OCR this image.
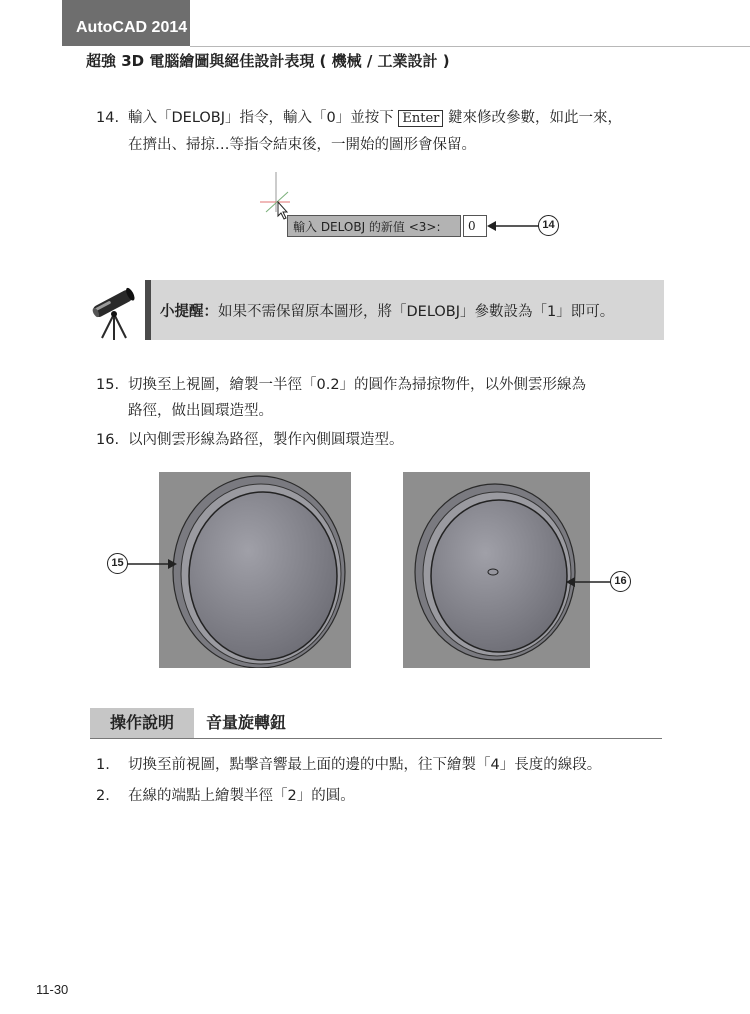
AutoCAD 2014
超強 3D 電腦繪圖與絕佳設計表現 ( 機械 / 工業設計 )
14. 輸入「DELOBJ」指令，輸入「0」並按下 Enter 鍵來修改參數，如此一來，
在擠出、掃掠…等指令結束後，一開始的圖形會保留。
輸入 DELOBJ 的新值 <3>:	0	14
小提醒：如果不需保留原本圖形，將「DELOBJ」參數設為「1」即可。
15. 切換至上視圖，繪製一半徑「0.2」的圓作為掃掠物件，以外側雲形線為
路徑，做出圓環造型。
16. 以內側雲形線為路徑，製作內側圓環造型。
15
16
操作說明	音量旋轉鈕
1. 切換至前視圖，點擊音響最上面的邊的中點，往下繪製「4」長度的線段。
2. 在線的端點上繪製半徑「2」的圓。
11-30
